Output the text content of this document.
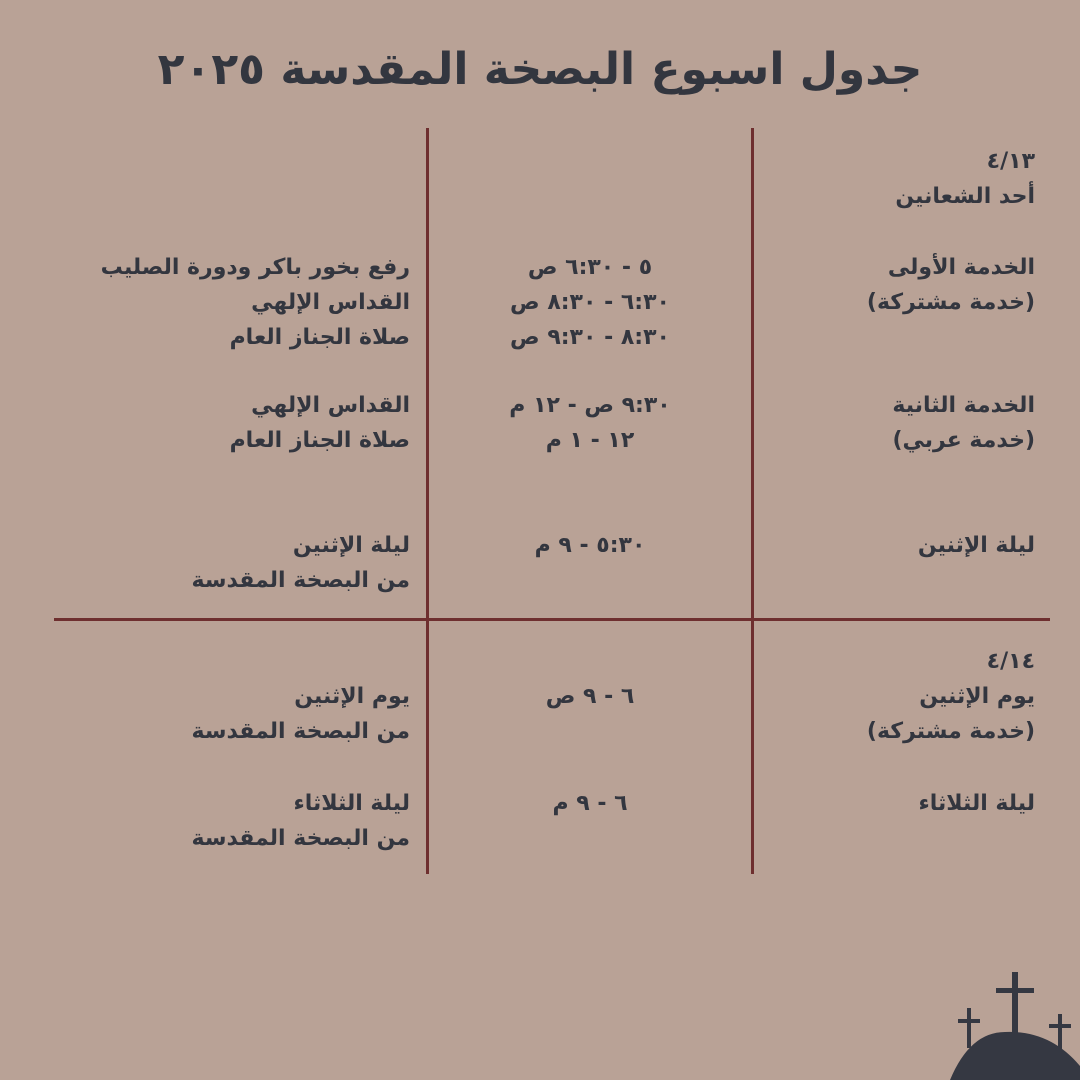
جدول اسبوع البصخة المقدسة ٢٠٢٥
٤/١٣
أحد الشعانين
الخدمة الأولى
(خدمة مشتركة)
٥ - ٦:٣٠ ص
٦:٣٠ - ٨:٣٠ ص
٨:٣٠ - ٩:٣٠ ص
رفع بخور باكر ودورة الصليب
القداس الإلهي
صلاة الجناز العام
الخدمة الثانية
(خدمة عربي)
٩:٣٠ ص - ١٢ م
١٢ - ١ م
القداس الإلهي
صلاة الجناز العام
ليلة الإثنين
٥:٣٠ - ٩ م
ليلة الإثنين
من البصخة المقدسة
٤/١٤
يوم الإثنين
(خدمة مشتركة)
٦ - ٩ ص
يوم الإثنين
من البصخة المقدسة
ليلة الثلاثاء
٦ - ٩ م
ليلة الثلاثاء
من البصخة المقدسة
